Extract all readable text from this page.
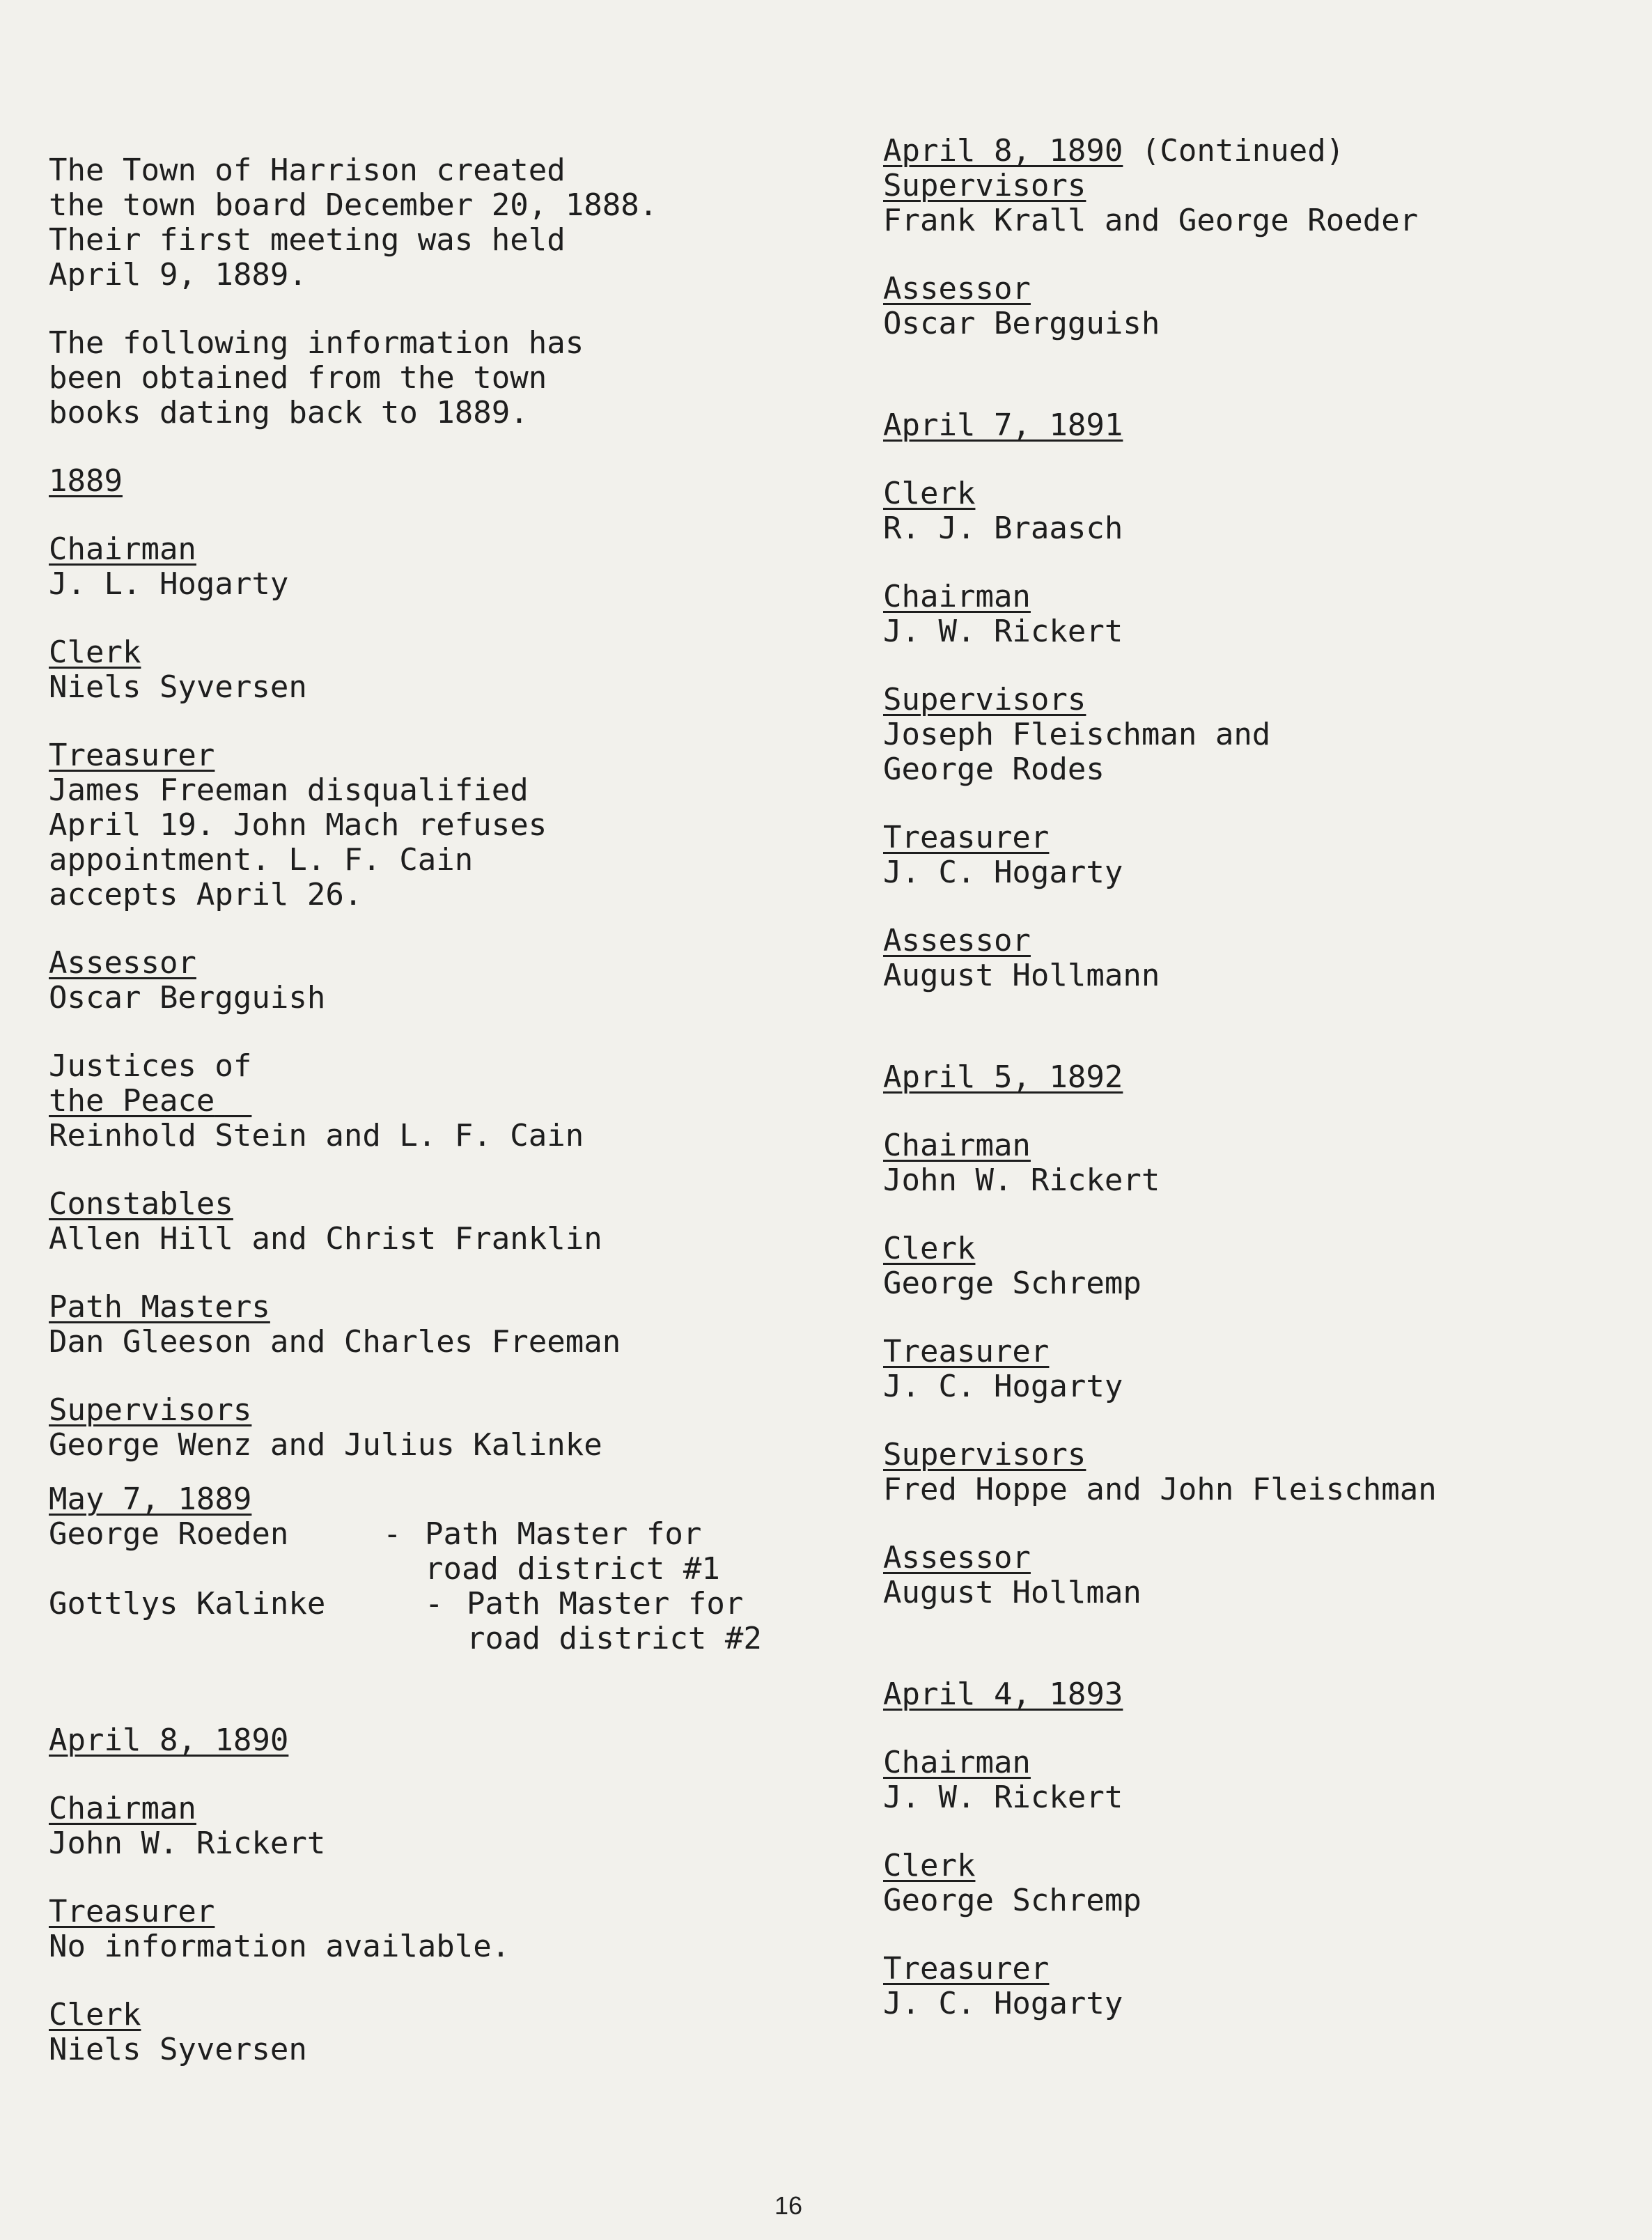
The Town of Harrison created
the town board December 20, 1888.
Their first meeting was held
April 9, 1889.
The following information has
been obtained from the town
books dating back to 1889.
1889
Chairman
J. L. Hogarty
Clerk
Niels Syversen
Treasurer
James Freeman disqualified
April 19. John Mach refuses
appointment. L. F. Cain
accepts April 26.
Assessor
Oscar Bergguish
Justices of
the Peace
Reinhold Stein and L. F. Cain
Constables
Allen Hill and Christ Franklin
Path Masters
Dan Gleeson and Charles Freeman
Supervisors
George Wenz and Julius Kalinke
May 7, 1889
George Roeden	- Path Master for
road district #1
Gottlys Kalinke	- Path Master for
road district #2
April 8, 1890
Chairman
John W. Rickert
Treasurer
No information available.
Clerk
Niels Syversen
April 8, 1890 (Continued)
Supervisors
Frank Krall and George Roeder
Assessor
Oscar Bergguish
April 7, 1891
Clerk
R. J. Braasch
Chairman
J. W. Rickert
Supervisors
Joseph Fleischman and
George Rodes
Treasurer
J. C. Hogarty
Assessor
August Hollmann
April 5, 1892
Chairman
John W. Rickert
Clerk
George Schremp
Treasurer
J. C. Hogarty
Supervisors
Fred Hoppe and John Fleischman
Assessor
August Hollman
April 4, 1893
Chairman
J. W. Rickert
Clerk
George Schremp
Treasurer
J. C. Hogarty
16
